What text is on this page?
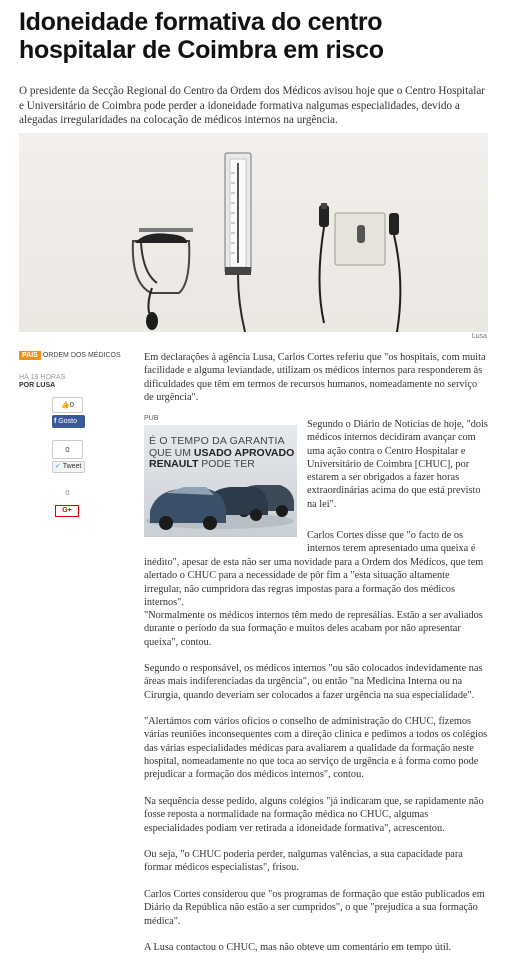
Idoneidade formativa do centro hospitalar de Coimbra em risco

O presidente da Secção Regional do Centro da Ordem dos Médicos avisou hoje que o Centro Hospitalar e Universitário de Coimbra pode perder a idoneidade formativa nalgumas especialidades, devido a alegadas irregularidades na colocação de médicos internos na urgência.

Lusa
PAÍS ORDEM DOS MÉDICOS
HÁ 19 HORAS
POR LUSA
👍0
f Gosto
0
✓ Tweet
0
G+

Em declarações à agência Lusa, Carlos Cortes referiu que "os hospitais, com muita facilidade e alguma leviandade, utilizam os médicos internos para responderem às dificuldades que têm em termos de recursos humanos, nomeadamente no serviço de urgência".

PUB
É O TEMPO DA GARANTIA
QUE UM USADO APROVADO
RENAULT PODE TER

Segundo o Diário de Notícias de hoje, "dois médicos internos decidiram avançar com uma ação contra o Centro Hospitalar e Universitário de Coimbra [CHUC], por estarem a ser obrigados a fazer horas extraordinárias acima do que está previsto na lei".

Carlos Cortes disse que "o facto de os internos terem apresentado uma queixa é

inédito", apesar de esta não ser uma novidade para a Ordem dos Médicos, que tem alertado o CHUC para a necessidade de pôr fim a "esta situação altamente irregular, não cumpridora das regras impostas para a formação dos médicos internos".

"Normalmente os médicos internos têm medo de represálias. Estão a ser avaliados durante o período da sua formação e muitos deles acabam por não apresentar queixa", contou.

Segundo o responsável, os médicos internos "ou são colocados indevidamente nas áreas mais indiferenciadas da urgência", ou então "na Medicina Interna ou na Cirurgia, quando deveriam ser colocados a fazer urgência na sua especialidade".

"Alertámos com vários ofícios o conselho de administração do CHUC, fizemos várias reuniões inconsequentes com a direção clínica e pedimos a todos os colégios das várias especialidades médicas para avaliarem a qualidade da formação neste hospital, nomeadamente no que toca ao serviço de urgência e à forma como pode prejudicar a formação dos médicos internos", contou.

Na sequência desse pedido, alguns colégios "já indicaram que, se rapidamente não fosse reposta a normalidade na formação médica no CHUC, algumas especialidades podiam ver retirada a idoneidade formativa", acrescentou.

Ou seja, "o CHUC poderia perder, nalgumas valências, a sua capacidade para formar médicos especialistas", frisou.

Carlos Cortes considerou que "os programas de formação que estão publicados em Diário da República não estão a ser cumpridos", o que "prejudica a sua formação médica".

A Lusa contactou o CHUC, mas não obteve um comentário em tempo útil.
